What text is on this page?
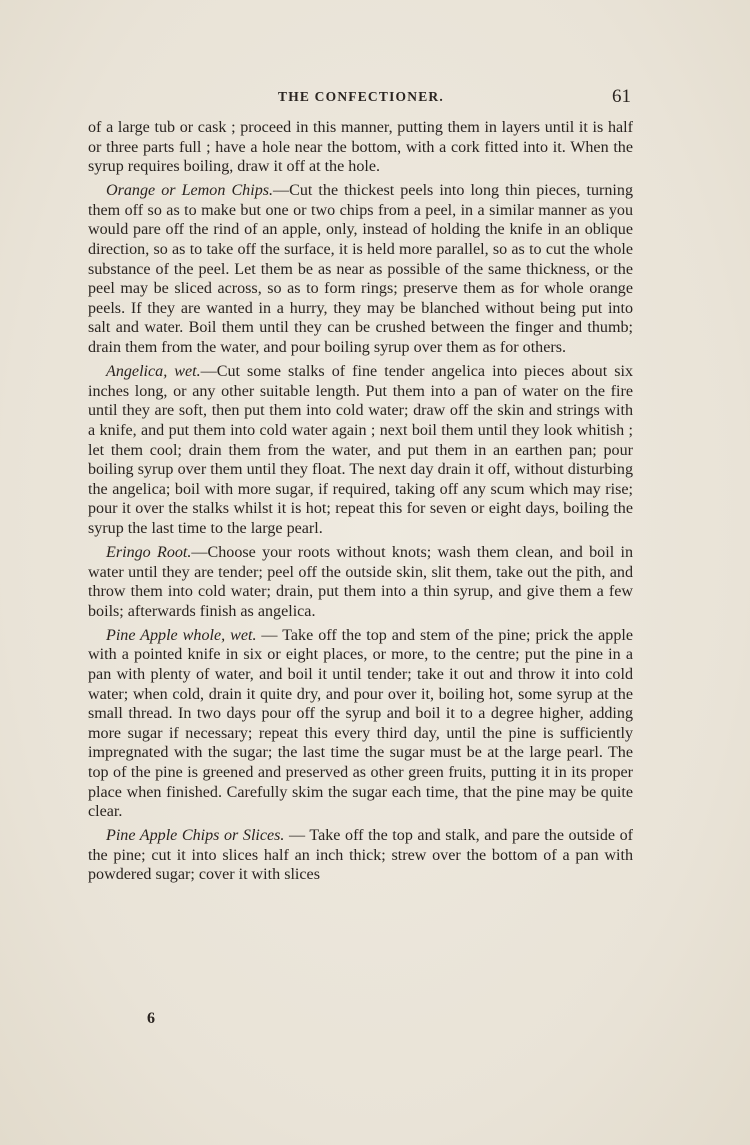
THE CONFECTIONER.	61

of a large tub or cask ; proceed in this manner, putting them in layers until it is half or three parts full ; have a hole near the bottom, with a cork fitted into it. When the syrup requires boiling, draw it off at the hole.

Orange or Lemon Chips.—Cut the thickest peels into long thin pieces, turning them off so as to make but one or two chips from a peel, in a similar manner as you would pare off the rind of an apple, only, instead of holding the knife in an oblique direction, so as to take off the surface, it is held more parallel, so as to cut the whole substance of the peel. Let them be as near as possible of the same thickness, or the peel may be sliced across, so as to form rings; preserve them as for whole orange peels. If they are wanted in a hurry, they may be blanched without being put into salt and water. Boil them until they can be crushed between the finger and thumb; drain them from the water, and pour boiling syrup over them as for others.

Angelica, wet.—Cut some stalks of fine tender angelica into pieces about six inches long, or any other suitable length. Put them into a pan of water on the fire until they are soft, then put them into cold water; draw off the skin and strings with a knife, and put them into cold water again ; next boil them until they look whitish ; let them cool; drain them from the water, and put them in an earthen pan; pour boiling syrup over them until they float. The next day drain it off, without disturbing the angelica; boil with more sugar, if required, taking off any scum which may rise; pour it over the stalks whilst it is hot; repeat this for seven or eight days, boiling the syrup the last time to the large pearl.

Eringo Root.—Choose your roots without knots; wash them clean, and boil in water until they are tender; peel off the outside skin, slit them, take out the pith, and throw them into cold water; drain, put them into a thin syrup, and give them a few boils; afterwards finish as angelica.

Pine Apple whole, wet. — Take off the top and stem of the pine; prick the apple with a pointed knife in six or eight places, or more, to the centre; put the pine in a pan with plenty of water, and boil it until tender; take it out and throw it into cold water; when cold, drain it quite dry, and pour over it, boiling hot, some syrup at the small thread. In two days pour off the syrup and boil it to a degree higher, adding more sugar if necessary; repeat this every third day, until the pine is sufficiently impregnated with the sugar; the last time the sugar must be at the large pearl. The top of the pine is greened and preserved as other green fruits, putting it in its proper place when finished. Carefully skim the sugar each time, that the pine may be quite clear.

Pine Apple Chips or Slices. — Take off the top and stalk, and pare the outside of the pine; cut it into slices half an inch thick; strew over the bottom of a pan with powdered sugar; cover it with slices

6
